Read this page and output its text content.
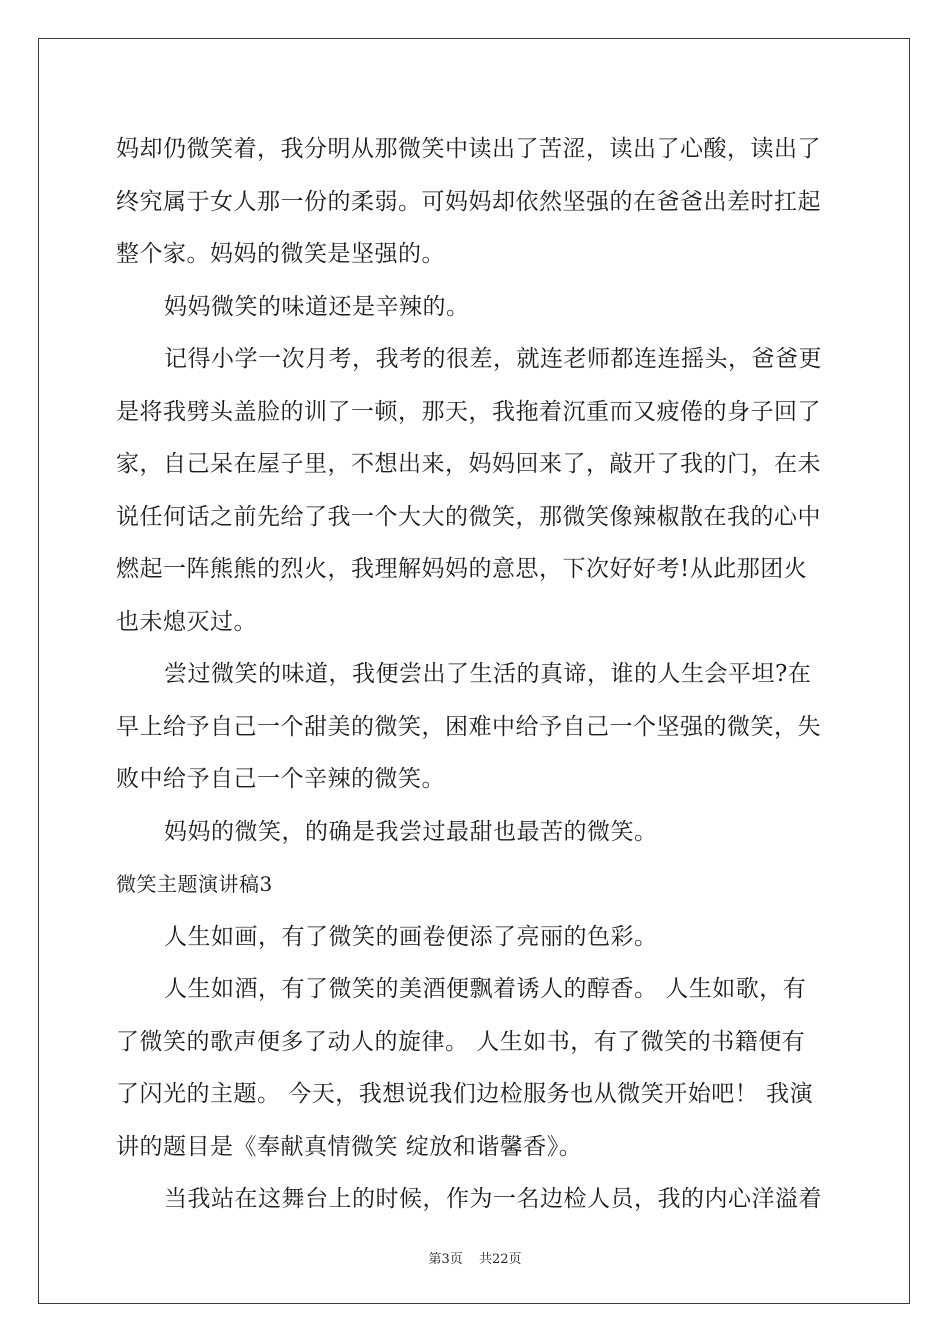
妈却仍微笑着，我分明从那微笑中读出了苦涩，读出了心酸，读出了
终究属于女人那一份的柔弱。可妈妈却依然坚强的在爸爸出差时扛起
整个家。妈妈的微笑是坚强的。
妈妈微笑的味道还是辛辣的。
记得小学一次月考，我考的很差，就连老师都连连摇头，爸爸更
是将我劈头盖脸的训了一顿，那天，我拖着沉重而又疲倦的身子回了
家，自己呆在屋子里，不想出来，妈妈回来了，敲开了我的门，在未
说任何话之前先给了我一个大大的微笑，那微笑像辣椒散在我的心中
燃起一阵熊熊的烈火，我理解妈妈的意思，下次好好考!从此那团火
也未熄灭过。
尝过微笑的味道，我便尝出了生活的真谛，谁的人生会平坦?在
早上给予自己一个甜美的微笑，困难中给予自己一个坚强的微笑，失
败中给予自己一个辛辣的微笑。
妈妈的微笑，的确是我尝过最甜也最苦的微笑。
微笑主题演讲稿3
人生如画，有了微笑的画卷便添了亮丽的色彩。
人生如酒，有了微笑的美酒便飘着诱人的醇香。 人生如歌，有
了微笑的歌声便多了动人的旋律。 人生如书，有了微笑的书籍便有
了闪光的主题。 今天，我想说我们边检服务也从微笑开始吧！ 我演
讲的题目是《奉献真情微笑 绽放和谐馨香》。
当我站在这舞台上的时候，作为一名边检人员，我的内心洋溢着
第3页 共22页
